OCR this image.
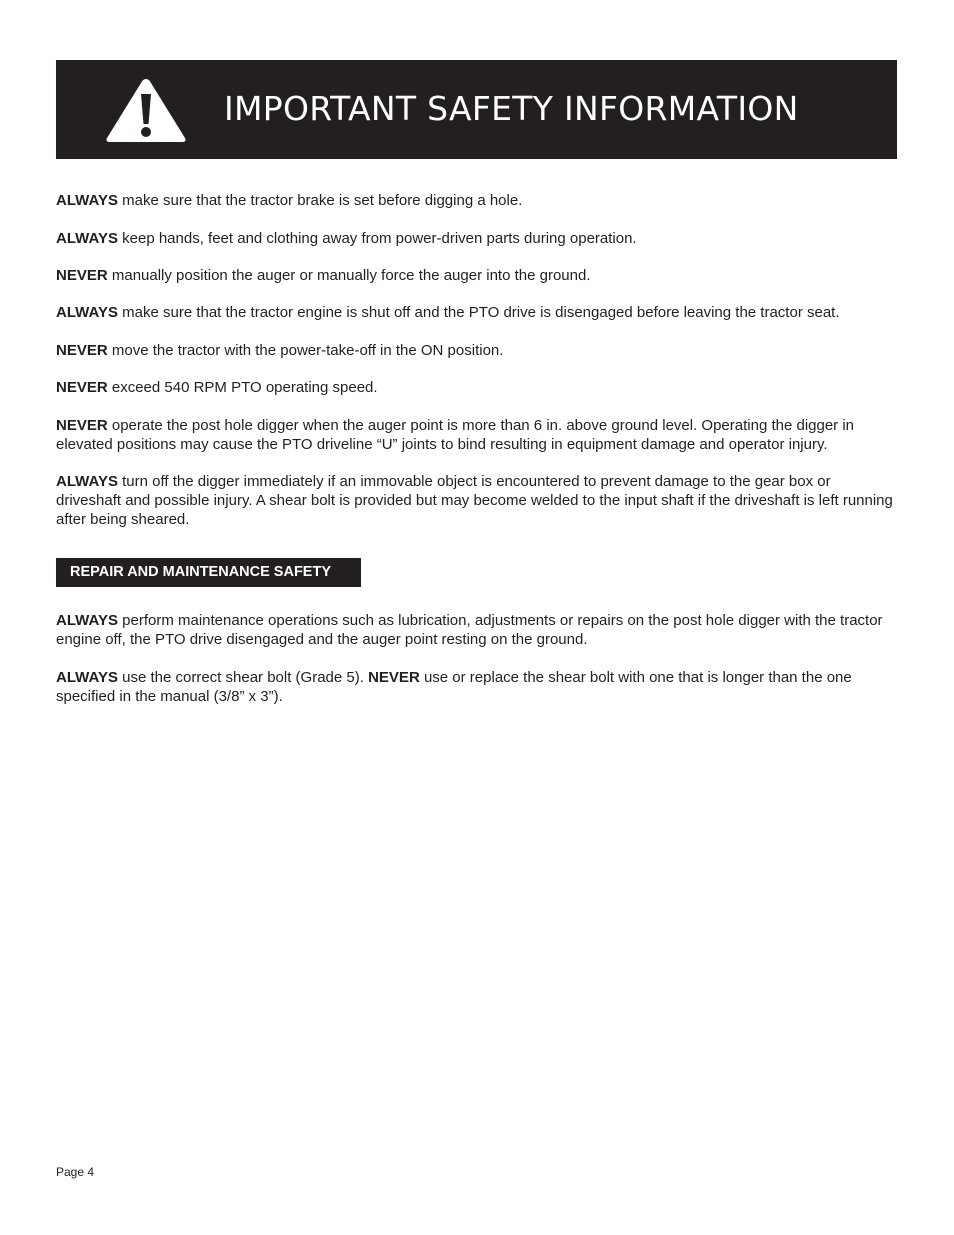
IMPORTANT SAFETY INFORMATION

ALWAYS make sure that the tractor brake is set before digging a hole.

ALWAYS keep hands, feet and clothing away from power-driven parts during operation.

NEVER manually position the auger or manually force the auger into the ground.

ALWAYS make sure that the tractor engine is shut off and the PTO drive is disengaged before leaving the tractor seat.

NEVER move the tractor with the power-take-off in the ON position.

NEVER exceed 540 RPM PTO operating speed.

NEVER operate the post hole digger when the auger point is more than 6 in. above ground level. Operating the digger in elevated positions may cause the PTO driveline “U” joints to bind resulting in equipment damage and operator injury.

ALWAYS turn off the digger immediately if an immovable object is encountered to prevent damage to the gear box or driveshaft and possible injury. A shear bolt is provided but may become welded to the input shaft if the driveshaft is left running after being sheared.

REPAIR AND MAINTENANCE SAFETY

ALWAYS perform maintenance operations such as lubrication, adjustments or repairs on the post hole digger with the tractor engine off, the PTO drive disengaged and the auger point resting on the ground.

ALWAYS use the correct shear bolt (Grade 5). NEVER use or replace the shear bolt with one that is longer than the one specified in the manual (3/8” x 3”).

Page 4
